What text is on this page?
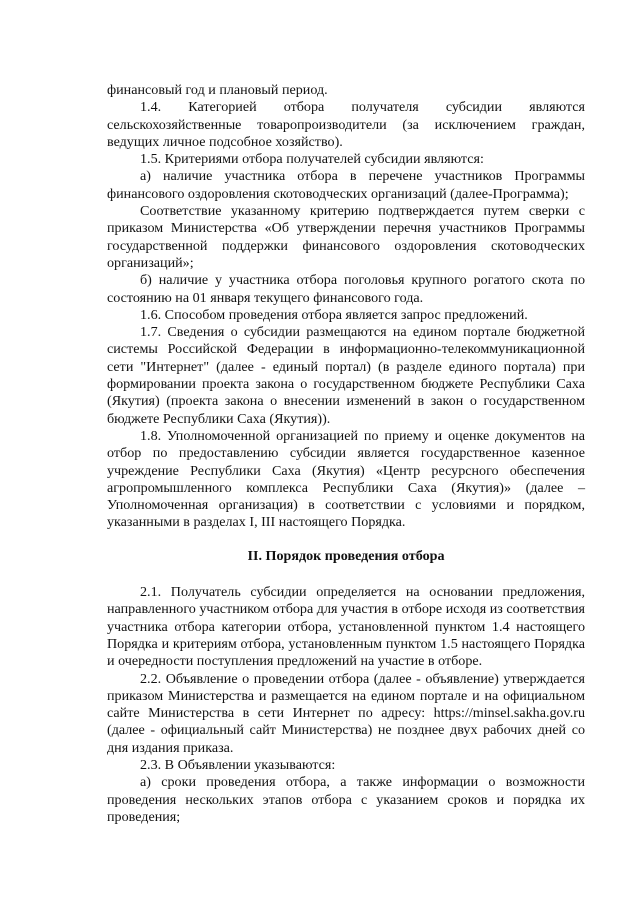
финансовый год и плановый период.

1.4. Категорией отбора получателя субсидии являются сельскохозяйственные товаропроизводители (за исключением граждан, ведущих личное подсобное хозяйство).

1.5. Критериями отбора получателей субсидии являются:

а) наличие участника отбора в перечене участников Программы финансового оздоровления скотоводческих организаций (далее-Программа);

Соответствие указанному критерию подтверждается путем сверки с приказом Министерства «Об утверждении перечня участников Программы государственной поддержки финансового оздоровления скотоводческих организаций»;

б) наличие у участника отбора поголовья крупного рогатого скота по состоянию на 01 января текущего финансового года.

1.6. Способом проведения отбора является запрос предложений.

1.7. Сведения о субсидии размещаются на едином портале бюджетной системы Российской Федерации в информационно-телекоммуникационной сети "Интернет" (далее - единый портал) (в разделе единого портала) при формировании проекта закона о государственном бюджете Республики Саха (Якутия) (проекта закона о внесении изменений в закон о государственном бюджете Республики Саха (Якутия)).

1.8. Уполномоченной организацией по приему и оценке документов на отбор по предоставлению субсидии является государственное казенное учреждение Республики Саха (Якутия) «Центр ресурсного обеспечения агропромышленного комплекса Республики Саха (Якутия)» (далее – Уполномоченная организация) в соответствии с условиями и порядком, указанными в разделах I, III настоящего Порядка.

II. Порядок проведения отбора

2.1. Получатель субсидии определяется на основании предложения, направленного участником отбора для участия в отборе исходя из соответствия участника отбора категории отбора, установленной пунктом 1.4 настоящего Порядка и критериям отбора, установленным пунктом 1.5 настоящего Порядка и очередности поступления предложений на участие в отборе.

2.2. Объявление о проведении отбора (далее - объявление) утверждается приказом Министерства и размещается на едином портале и на официальном сайте Министерства в сети Интернет по адресу: https://minsel.sakha.gov.ru (далее - официальный сайт Министерства) не позднее двух рабочих дней со дня издания приказа.

2.3. В Объявлении указываются:

а) сроки проведения отбора, а также информации о возможности проведения нескольких этапов отбора с указанием сроков и порядка их проведения;
